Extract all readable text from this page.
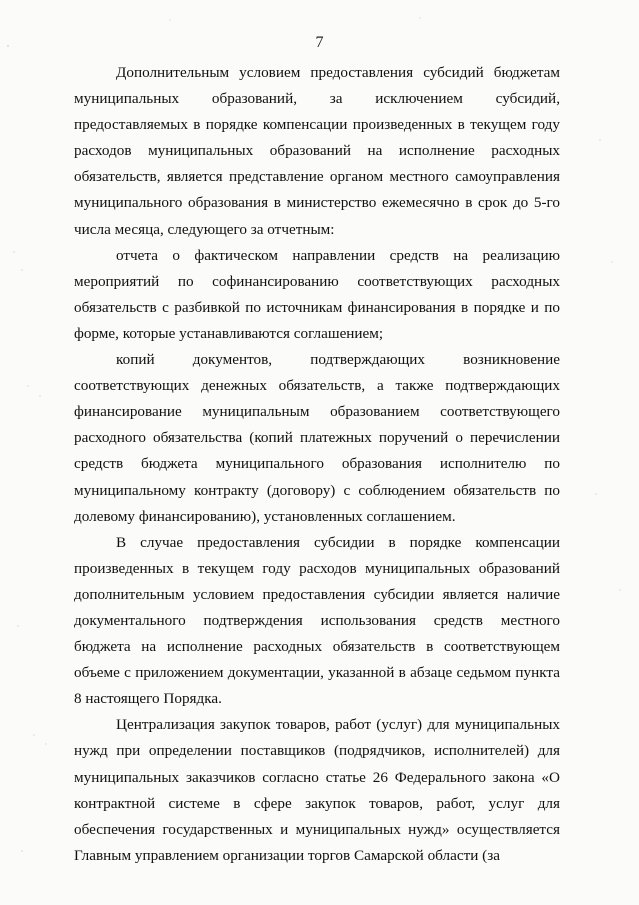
7

Дополнительным условием предоставления субсидий бюджетам муниципальных образований, за исключением субсидий, предоставляемых в порядке компенсации произведенных в текущем году расходов муниципальных образований на исполнение расходных обязательств, является представление органом местного самоуправления муниципального образования в министерство ежемесячно в срок до 5-го числа месяца, следующего за отчетным:

отчета о фактическом направлении средств на реализацию мероприятий по софинансированию соответствующих расходных обязательств с разбивкой по источникам финансирования в порядке и по форме, которые устанавливаются соглашением;

копий документов, подтверждающих возникновение соответствующих денежных обязательств, а также подтверждающих финансирование муниципальным образованием соответствующего расходного обязательства (копий платежных поручений о перечислении средств бюджета муниципального образования исполнителю по муниципальному контракту (договору) с соблюдением обязательств по долевому финансированию), установленных соглашением.

В случае предоставления субсидии в порядке компенсации произведенных в текущем году расходов муниципальных образований дополнительным условием предоставления субсидии является наличие документального подтверждения использования средств местного бюджета на исполнение расходных обязательств в соответствующем объеме с приложением документации, указанной в абзаце седьмом пункта 8 настоящего Порядка.

Централизация закупок товаров, работ (услуг) для муниципальных нужд при определении поставщиков (подрядчиков, исполнителей) для муниципальных заказчиков согласно статье 26 Федерального закона «О контрактной системе в сфере закупок товаров, работ, услуг для обеспечения государственных и муниципальных нужд» осуществляется Главным управлением организации торгов Самарской области (за
